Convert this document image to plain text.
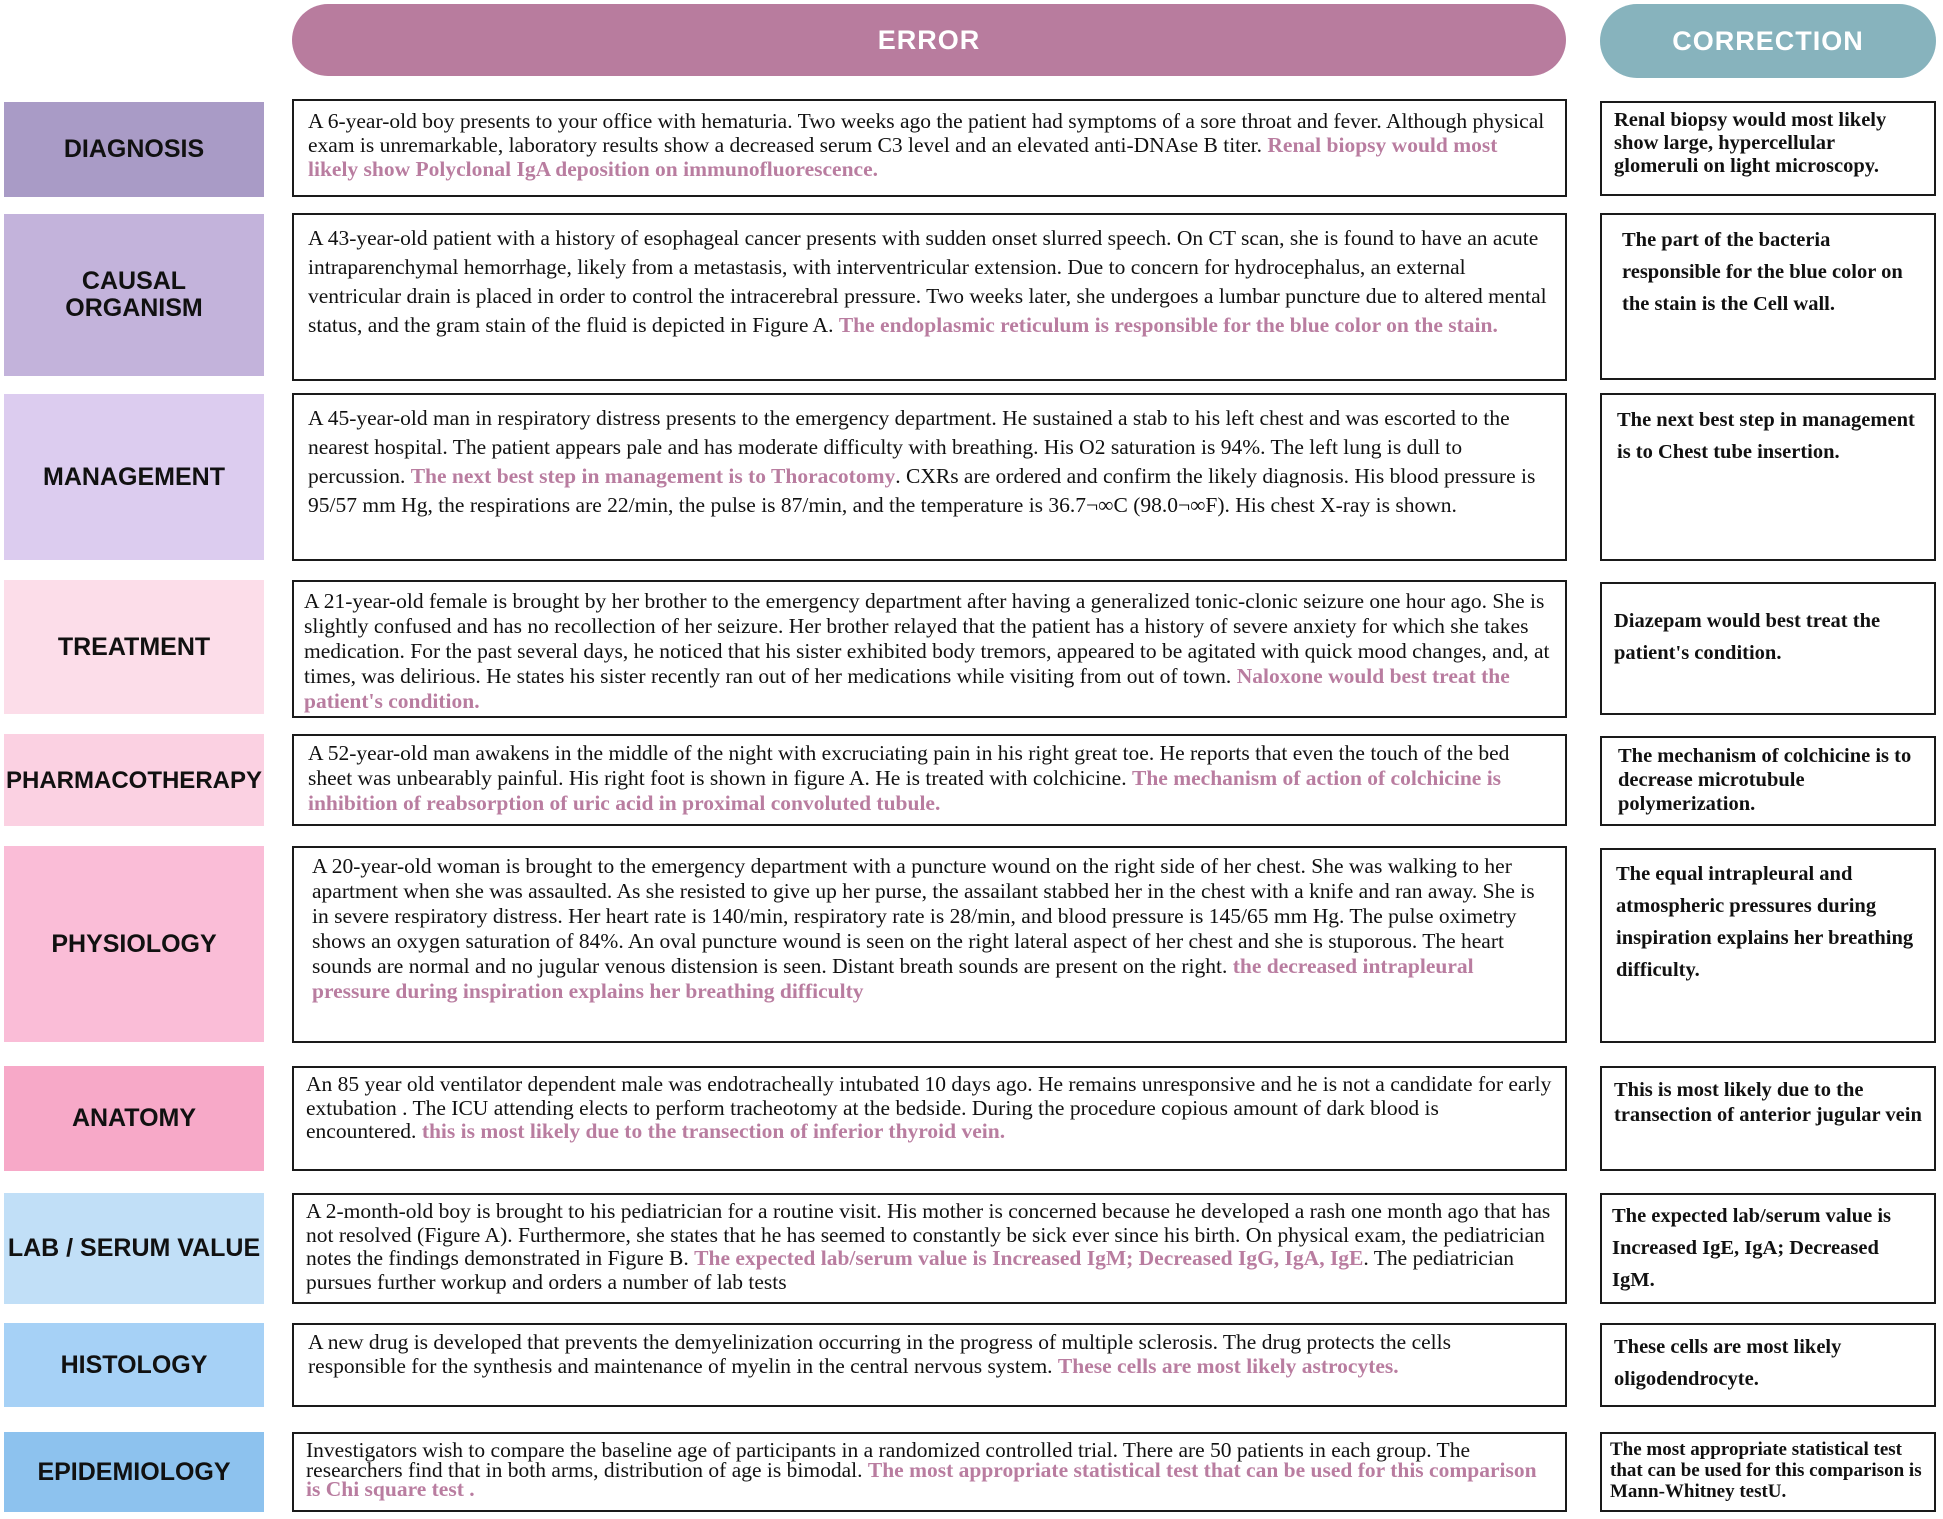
ERROR	CORRECTION
DIAGNOSIS
A 6-year-old boy presents to your office with hematuria. Two weeks ago the patient had symptoms of a sore throat and fever. Although physical exam is unremarkable, laboratory results show a decreased serum C3 level and an elevated anti-DNAse B titer. Renal biopsy would most likely show Polyclonal IgA deposition on immunofluorescence.
Renal biopsy would most likely show large, hypercellular glomeruli on light microscopy.
CAUSAL ORGANISM
A 43-year-old patient with a history of esophageal cancer presents with sudden onset slurred speech. On CT scan, she is found to have an acute intraparenchymal hemorrhage, likely from a metastasis, with interventricular extension. Due to concern for hydrocephalus, an external ventricular drain is placed in order to control the intracerebral pressure. Two weeks later, she undergoes a lumbar puncture due to altered mental status, and the gram stain of the fluid is depicted in Figure A. The endoplasmic reticulum is responsible for the blue color on the stain.
The part of the bacteria responsible for the blue color on the stain is the Cell wall.
MANAGEMENT
A 45-year-old man in respiratory distress presents to the emergency department. He sustained a stab to his left chest and was escorted to the nearest hospital. The patient appears pale and has moderate difficulty with breathing. His O2 saturation is 94%. The left lung is dull to percussion. The next best step in management is to Thoracotomy. CXRs are ordered and confirm the likely diagnosis. His blood pressure is 95/57 mm Hg, the respirations are 22/min, the pulse is 87/min, and the temperature is 36.7¬∞C (98.0¬∞F). His chest X-ray is shown.
The next best step in management is to Chest tube insertion.
TREATMENT
A 21-year-old female is brought by her brother to the emergency department after having a generalized tonic-clonic seizure one hour ago. She is slightly confused and has no recollection of her seizure. Her brother relayed that the patient has a history of severe anxiety for which she takes medication. For the past several days, he noticed that his sister exhibited body tremors, appeared to be agitated with quick mood changes, and, at times, was delirious. He states his sister recently ran out of her medications while visiting from out of town. Naloxone would best treat the patient's condition.
Diazepam would best treat the patient's condition.
PHARMACOTHERAPY
A 52-year-old man awakens in the middle of the night with excruciating pain in his right great toe. He reports that even the touch of the bed sheet was unbearably painful. His right foot is shown in figure A. He is treated with colchicine. The mechanism of action of colchicine is inhibition of reabsorption of uric acid in proximal convoluted tubule.
The mechanism of colchicine is to decrease microtubule polymerization.
PHYSIOLOGY
A 20-year-old woman is brought to the emergency department with a puncture wound on the right side of her chest. She was walking to her apartment when she was assaulted. As she resisted to give up her purse, the assailant stabbed her in the chest with a knife and ran away. She is in severe respiratory distress. Her heart rate is 140/min, respiratory rate is 28/min, and blood pressure is 145/65 mm Hg. The pulse oximetry shows an oxygen saturation of 84%. An oval puncture wound is seen on the right lateral aspect of her chest and she is stuporous. The heart sounds are normal and no jugular venous distension is seen. Distant breath sounds are present on the right. the decreased intrapleural pressure during inspiration explains her breathing difficulty
The equal intrapleural and atmospheric pressures during inspiration explains her breathing difficulty.
ANATOMY
An 85 year old ventilator dependent male was endotracheally intubated 10 days ago. He remains unresponsive and he is not a candidate for early extubation . The ICU attending elects to perform tracheotomy at the bedside. During the procedure copious amount of dark blood is encountered. this is most likely due to the transection of inferior thyroid vein.
This is most likely due to the transection of anterior jugular vein
LAB / SERUM VALUE
A 2-month-old boy is brought to his pediatrician for a routine visit. His mother is concerned because he developed a rash one month ago that has not resolved (Figure A). Furthermore, she states that he has seemed to constantly be sick ever since his birth. On physical exam, the pediatrician notes the findings demonstrated in Figure B. The expected lab/serum value is Increased IgM; Decreased IgG, IgA, IgE. The pediatrician pursues further workup and orders a number of lab tests
The expected lab/serum value is Increased IgE, IgA; Decreased IgM.
HISTOLOGY
A new drug is developed that prevents the demyelinization occurring in the progress of multiple sclerosis. The drug protects the cells responsible for the synthesis and maintenance of myelin in the central nervous system. These cells are most likely astrocytes.
These cells are most likely oligodendrocyte.
EPIDEMIOLOGY
Investigators wish to compare the baseline age of participants in a randomized controlled trial. There are 50 patients in each group. The researchers find that in both arms, distribution of age is bimodal. The most appropriate statistical test that can be used for this comparison is Chi square test .
The most appropriate statistical test that can be used for this comparison is Mann-Whitney testU.
